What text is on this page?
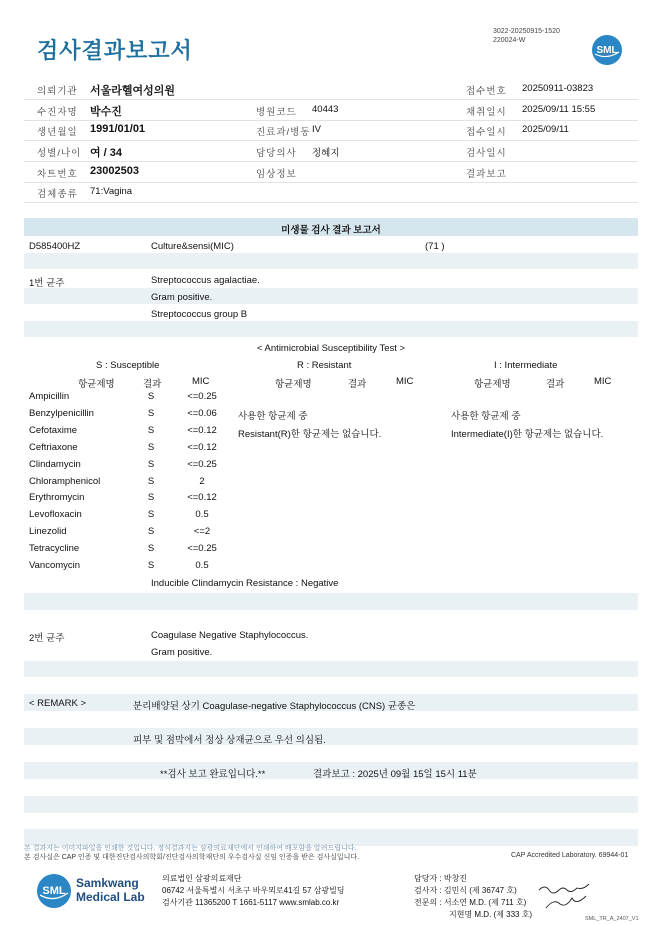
검사결과보고서
3022-20250915-1520
220024-W
SML
의뢰기관 서울라헬여성의원	접수번호 20250911-03823
수진자명 박수진	병원코드 40443	채취일시 2025/09/11 15:55
생년월일 1991/01/01	진료과/병동 IV	접수일시 2025/09/11
성별/나이 여 / 34	담당의사 정혜지	검사일시
차트번호 23002503	임상정보	결과보고
검체종류 71:Vagina
미생물 검사 결과 보고서
D585400HZ	Culture&sensi(MIC)	(71 )
1번 균주	Streptococcus agalactiae.
Gram positive.
Streptococcus group B
< Antimicrobial Susceptibility Test >
S : Susceptible	R : Resistant	I : Intermediate
항균제명	결과	MIC	항균제명	결과	MIC	항균제명	결과	MIC
Ampicillin	S	<=0.25
Benzylpenicillin	S	<=0.06
Cefotaxime	S	<=0.12
Ceftriaxone	S	<=0.12
Clindamycin	S	<=0.25
Chloramphenicol	S	2
Erythromycin	S	<=0.12
Levofloxacin	S	0.5
Linezolid	S	<=2
Tetracycline	S	<=0.25
Vancomycin	S	0.5
사용한 항균제 중
Resistant(R)한 항균제는 없습니다.
사용한 항균제 중
Intermediate(I)한 항균제는 없습니다.
Inducible Clindamycin Resistance : Negative
2번 균주	Coagulase Negative Staphylococcus.
Gram positive.
< REMARK >	분리배양된 상기 Coagulase-negative Staphylococcus (CNS) 균종은
피부 및 점막에서 정상 상재균으로 우선 의심됨.
**검사 보고 완료입니다.**	결과보고 : 2025년 09월 15일 15시 11분
본 결과지는 이미지파일을 인쇄한 것입니다. 정식결과지는 삼광의료재단에서 인쇄하여 배포함을 알려드립니다.
본 검사실은 CAP 인증 및 대한진단검사의학회/진단검사의학재단의 우수검사실 신임 인증을 받은 검사실입니다.	CAP Accredited Laboratory. 69944-01
SML
Samkwang
Medical Lab
의료법인 삼광의료재단
06742 서울특별시 서초구 바우뫼로41길 57 삼광빌딩
검사기관 11365200 T 1661-5117 www.smlab.co.kr
담당자 : 박창진
검사자 : 김민식 (제 36747 호)
전문의 : 서소연 M.D. (제 711 호)
지현명 M.D. (제 333 호)	SML_TR_A_2407_V1
